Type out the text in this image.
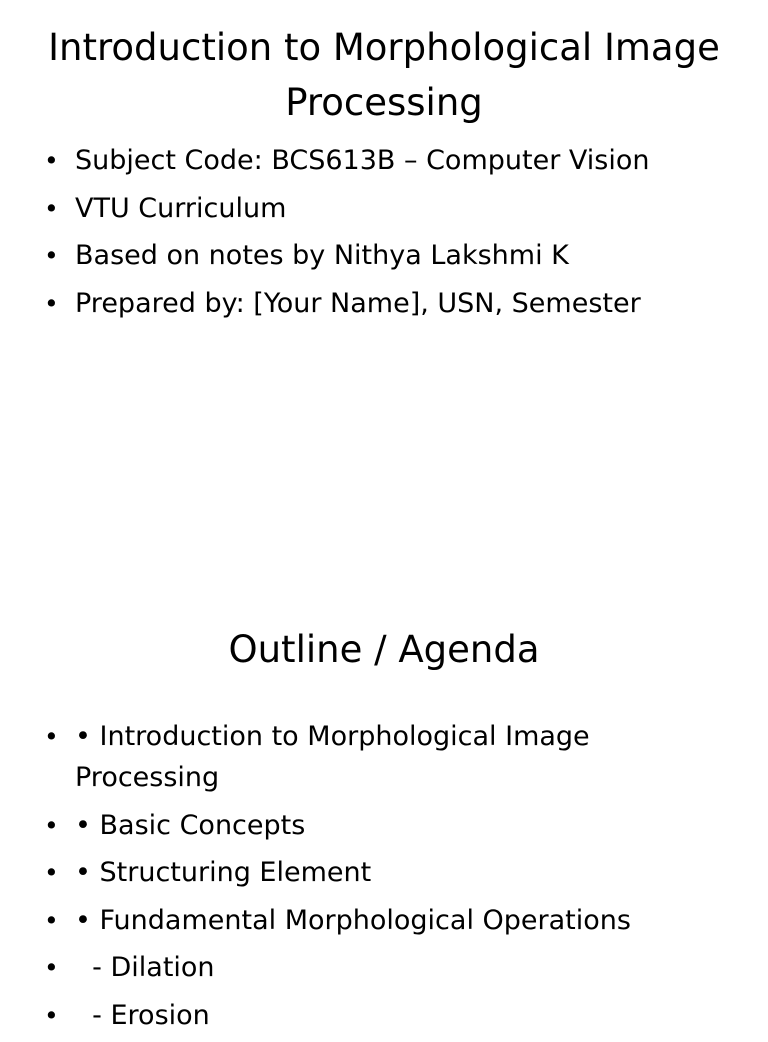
Introduction to Morphological Image Processing
• Subject Code: BCS613B – Computer Vision
• VTU Curriculum
• Based on notes by Nithya Lakshmi K
• Prepared by: [Your Name], USN, Semester
Outline / Agenda
• • Introduction to Morphological Image Processing
• • Basic Concepts
• • Structuring Element
• • Fundamental Morphological Operations
• - Dilation
• - Erosion
